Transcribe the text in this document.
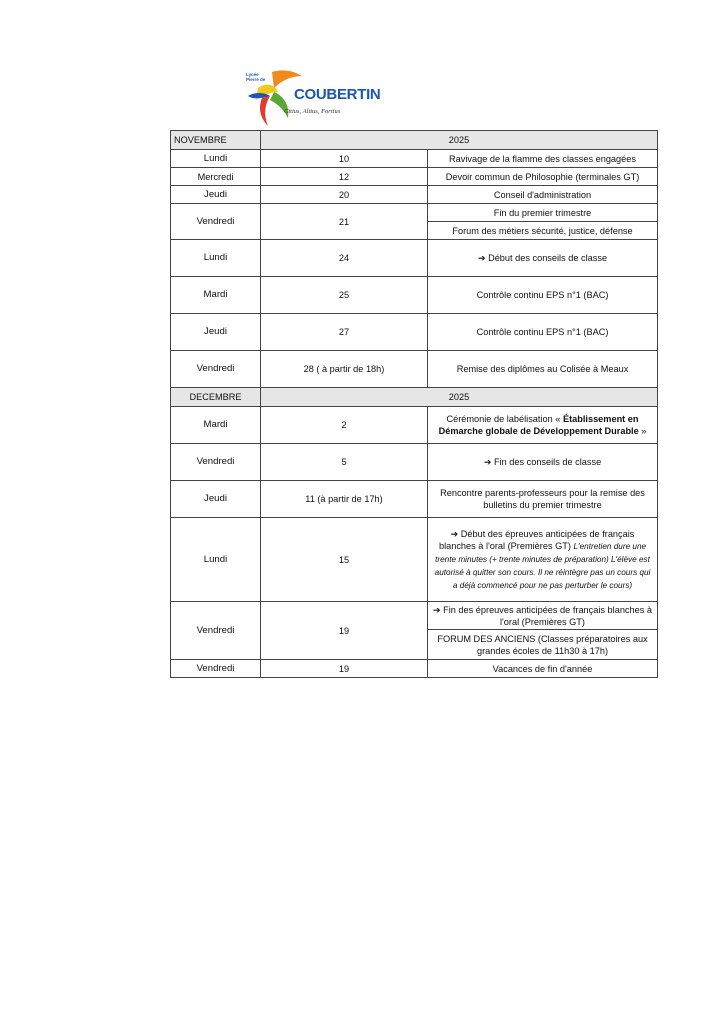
Lycée
Pierre de
COUBERTIN
Citius, Altius, Fortius
NOVEMBRE	2025	
Lundi	10	Ravivage de la flamme des classes engagées
Mercredi	12	Devoir commun de Philosophie (terminales GT)
Jeudi	20	Conseil d'administration
Vendredi	21	Fin du premier trimestre
		Forum des métiers sécurité, justice, défense
Lundi	24	➔ Début des conseils de classe
Mardi	25	Contrôle continu EPS n°1 (BAC)
Jeudi	27	Contrôle continu EPS n°1 (BAC)
Vendredi	28 ( à partir de 18h)	Remise des diplômes au Colisée à Meaux
DECEMBRE	2025	
Mardi	2	Cérémonie de labélisation « Établissement en Démarche globale de Développement Durable »
Vendredi	5	➔ Fin des conseils de classe
Jeudi	11 (à partir de 17h)	Rencontre parents-professeurs pour la remise des bulletins du premier trimestre
Lundi	15	➔ Début des épreuves anticipées de français blanches à l'oral (Premières GT) L'entretien dure une trente minutes (+ trente minutes de préparation) L'élève est autorisé à quitter son cours. Il ne réintègre pas un cours qui a déjà commencé pour ne pas perturber le cours)
Vendredi	19	➔ Fin des épreuves anticipées de français blanches à l'oral (Premières GT)
		FORUM DES ANCIENS (Classes préparatoires aux grandes écoles de 11h30 à 17h)
Vendredi	19	Vacances de fin d'année
